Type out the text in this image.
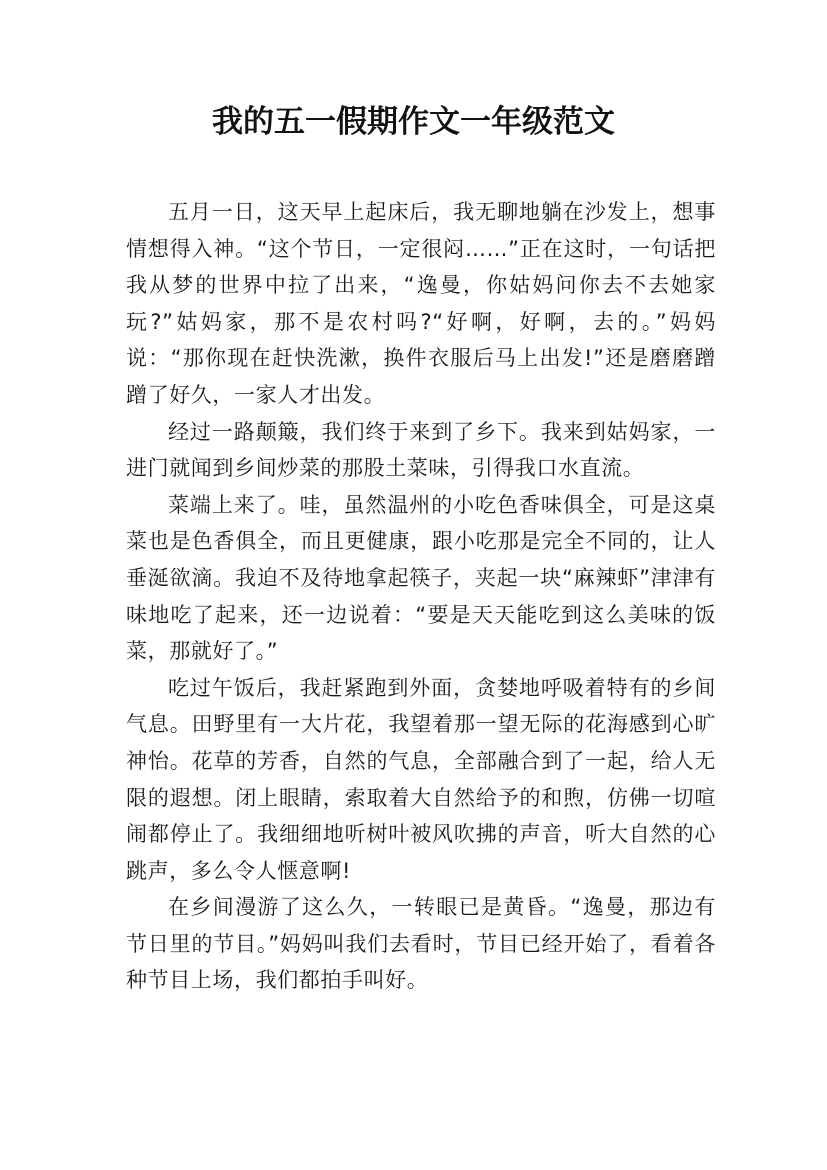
我的五一假期作文一年级范文

五月一日，这天早上起床后，我无聊地躺在沙发上，想事情想得入神。“这个节日，一定很闷……”正在这时，一句话把我从梦的世界中拉了出来，“逸曼，你姑妈问你去不去她家玩?”姑妈家，那不是农村吗?“好啊，好啊，去的。”妈妈说：“那你现在赶快洗漱，换件衣服后马上出发!”还是磨磨蹭蹭了好久，一家人才出发。

经过一路颠簸，我们终于来到了乡下。我来到姑妈家，一进门就闻到乡间炒菜的那股土菜味，引得我口水直流。

菜端上来了。哇，虽然温州的小吃色香味俱全，可是这桌菜也是色香俱全，而且更健康，跟小吃那是完全不同的，让人垂涎欲滴。我迫不及待地拿起筷子，夹起一块“麻辣虾”津津有味地吃了起来，还一边说着：“要是天天能吃到这么美味的饭菜，那就好了。”

吃过午饭后，我赶紧跑到外面，贪婪地呼吸着特有的乡间气息。田野里有一大片花，我望着那一望无际的花海感到心旷神怡。花草的芳香，自然的气息，全部融合到了一起，给人无限的遐想。闭上眼睛，索取着大自然给予的和煦，仿佛一切喧闹都停止了。我细细地听树叶被风吹拂的声音，听大自然的心跳声，多么令人惬意啊!

在乡间漫游了这么久，一转眼已是黄昏。“逸曼，那边有节日里的节目。”妈妈叫我们去看时，节目已经开始了，看着各种节目上场，我们都拍手叫好。
